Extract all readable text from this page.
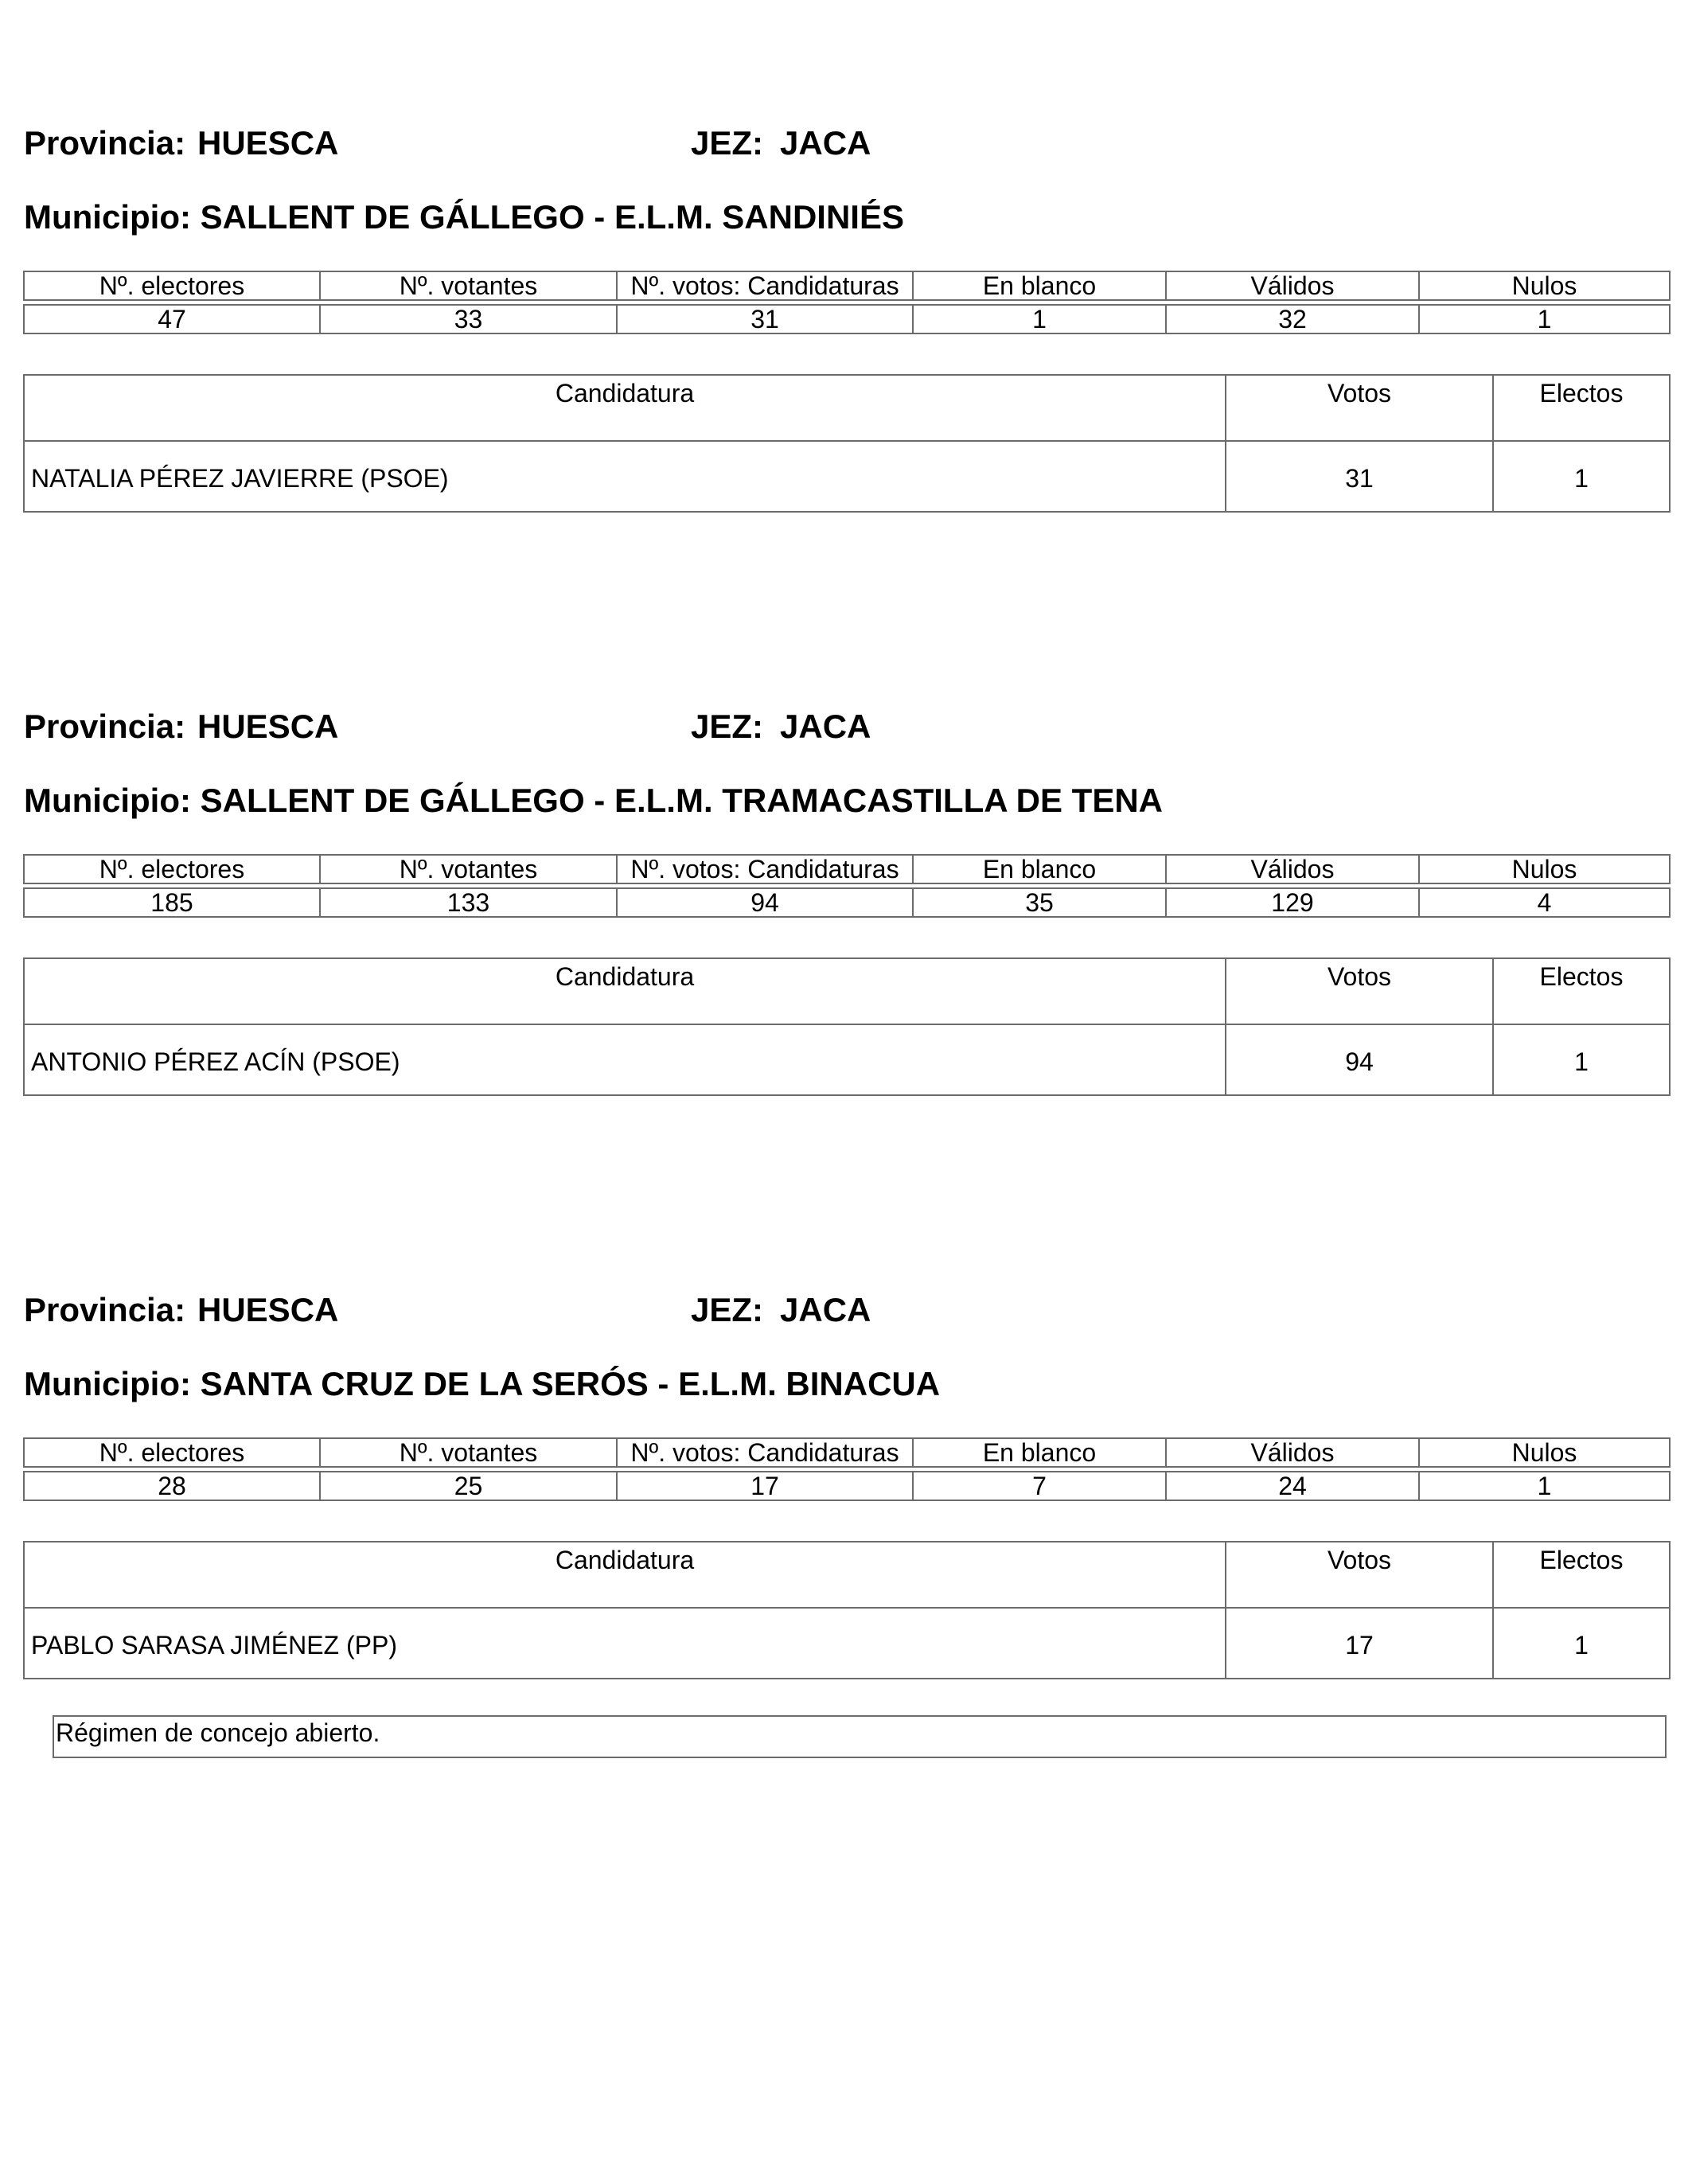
Provincia: HUESCA	JEZ: JACA
Municipio: SALLENT DE GÁLLEGO - E.L.M. SANDINIÉS
Nº. electores	Nº. votantes	Nº. votos: Candidaturas	En blanco	Válidos	Nulos

47	33	31	1	32	1
Candidatura	Votos	Electos
NATALIA PÉREZ JAVIERRE (PSOE)	31	1
Provincia: HUESCA	JEZ: JACA
Municipio: SALLENT DE GÁLLEGO - E.L.M. TRAMACASTILLA DE TENA
Nº. electores	Nº. votantes	Nº. votos: Candidaturas	En blanco	Válidos	Nulos

185	133	94	35	129	4
Candidatura	Votos	Electos
ANTONIO PÉREZ ACÍN (PSOE)	94	1
Provincia: HUESCA	JEZ: JACA
Municipio: SANTA CRUZ DE LA SERÓS - E.L.M. BINACUA
Nº. electores	Nº. votantes	Nº. votos: Candidaturas	En blanco	Válidos	Nulos

28	25	17	7	24	1
Candidatura	Votos	Electos
PABLO SARASA JIMÉNEZ (PP)	17	1
Régimen de concejo abierto.
